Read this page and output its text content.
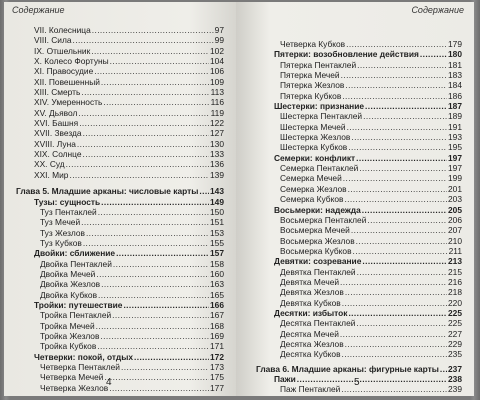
Содержание
VII. Колесница .....	97
VIII. Сила .....	99
IX. Отшельник .....	102
X. Колесо Фортуны .....	104
XI. Правосудие .....	106
XII. Повешенный .....	109
XIII. Смерть .....	113
XIV. Умеренность .....	116
XV. Дьявол .....	119
XVI. Башня .....	122
XVII. Звезда .....	127
XVIII. Луна .....	130
XIX. Солнце .....	133
XX. Суд .....	136
XXI. Мир .....	139
Глава 5. Младшие арканы: числовые карты ..... 143
Тузы: сущность .....	149
Туз Пентаклей .....	150
Туз Мечей .....	151
Туз Жезлов .....	153
Туз Кубков .....	155
Двойки: сближение .....	157
Двойка Пентаклей .....	158
Двойка Мечей .....	160
Двойка Жезлов .....	163
Двойка Кубков .....	165
Тройки: путешествие .....	166
Тройка Пентаклей .....	167
Тройка Мечей .....	168
Тройка Жезлов .....	169
Тройка Кубков .....	171
Четверки: покой, отдых .....	172
Четверка Пентаклей .....	173
Четверка Мечей .....	175
Четверка Жезлов .....	177
4
Содержание
Четверка Кубков .....	179
Пятерки: возобновление действия .....	180
Пятерка Пентаклей .....	181
Пятерка Мечей .....	183
Пятерка Жезлов .....	184
Пятерка Кубков .....	186
Шестерки: признание .....	187
Шестерка Пентаклей .....	189
Шестерка Мечей .....	191
Шестерка Жезлов .....	193
Шестерка Кубков .....	195
Семерки: конфликт .....	197
Семерка Пентаклей .....	197
Семерка Мечей .....	199
Семерка Жезлов .....	201
Семерка Кубков .....	203
Восьмерки: надежда .....	205
Восьмерка Пентаклей .....	206
Восьмерка Мечей .....	207
Восьмерка Жезлов .....	210
Восьмерка Кубков .....	211
Девятки: созревание .....	213
Девятка Пентаклей .....	215
Девятка Мечей .....	216
Девятка Жезлов .....	218
Девятка Кубков .....	220
Десятки: избыток .....	225
Десятка Пентаклей .....	225
Десятка Мечей .....	227
Десятка Жезлов .....	229
Десятка Кубков .....	235
Глава 6. Младшие арканы: фигурные карты ..... 237
Пажи .....	238
Паж Пентаклей .....	239
5
